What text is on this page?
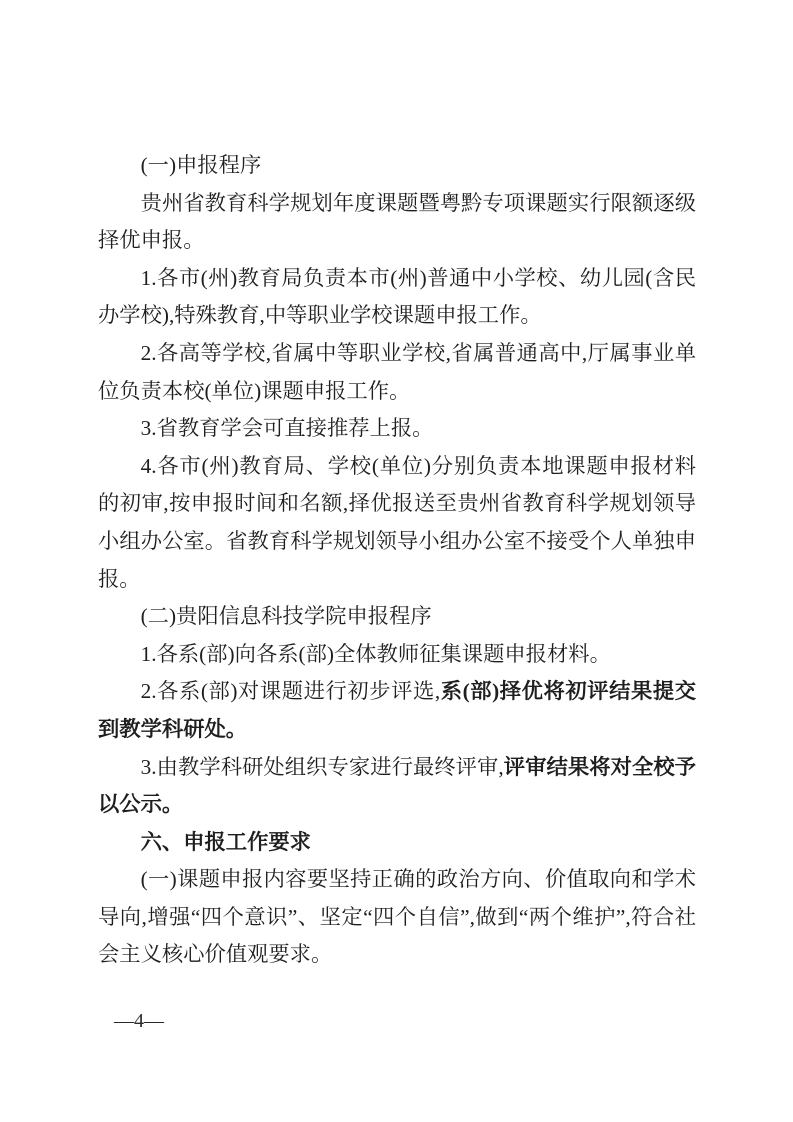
(一)申报程序

贵州省教育科学规划年度课题暨粤黔专项课题实行限额逐级择优申报。

1.各市(州)教育局负责本市(州)普通中小学校、幼儿园(含民办学校),特殊教育,中等职业学校课题申报工作。

2.各高等学校,省属中等职业学校,省属普通高中,厅属事业单位负责本校(单位)课题申报工作。

3.省教育学会可直接推荐上报。

4.各市(州)教育局、学校(单位)分别负责本地课题申报材料的初审,按申报时间和名额,择优报送至贵州省教育科学规划领导小组办公室。省教育科学规划领导小组办公室不接受个人单独申报。

(二)贵阳信息科技学院申报程序

1.各系(部)向各系(部)全体教师征集课题申报材料。

2.各系(部)对课题进行初步评选,系(部)择优将初评结果提交到教学科研处。

3.由教学科研处组织专家进行最终评审,评审结果将对全校予以公示。

六、申报工作要求

(一)课题申报内容要坚持正确的政治方向、价值取向和学术导向,增强“四个意识”、坚定“四个自信”,做到“两个维护”,符合社会主义核心价值观要求。

—4—
